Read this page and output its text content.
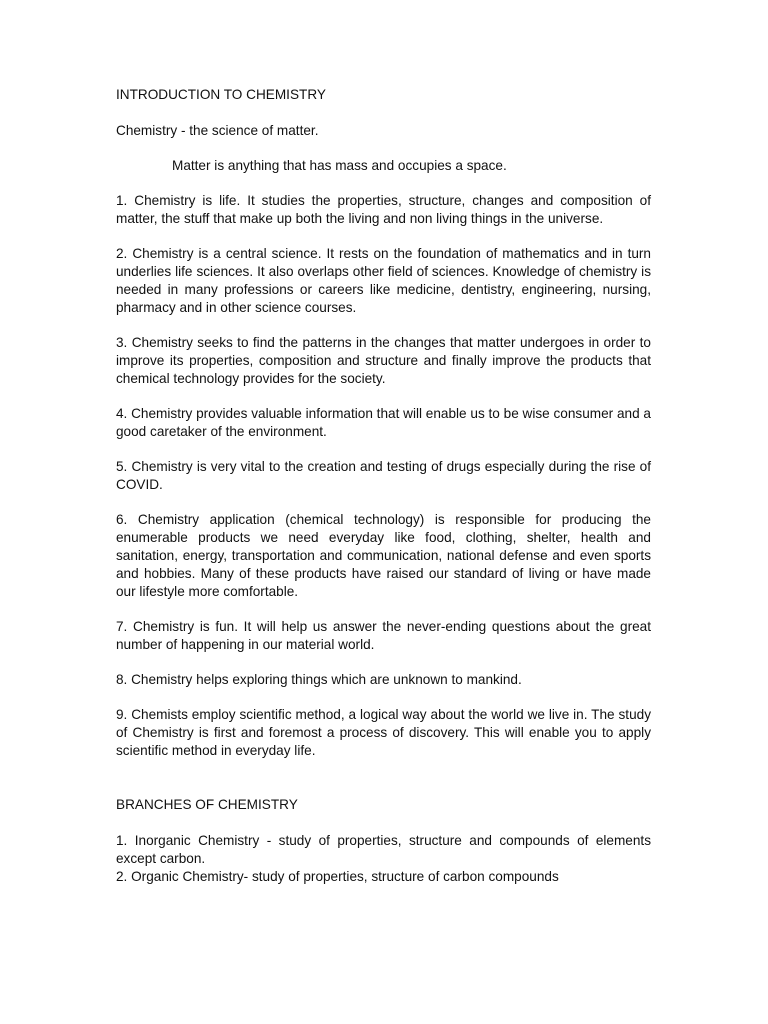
INTRODUCTION TO CHEMISTRY
Chemistry - the science of matter.
Matter is anything that has mass and occupies a space.
1. Chemistry is life. It studies the properties, structure, changes and composition of matter, the stuff that make up both the living and non living things in the universe.
2. Chemistry is a central science. It rests on the foundation of mathematics and in turn underlies life sciences. It also overlaps other field of sciences. Knowledge of chemistry is needed in many professions or careers like medicine, dentistry, engineering, nursing, pharmacy and in other science courses.
3. Chemistry seeks to find the patterns in the changes that matter undergoes in order to improve its properties, composition and structure and finally improve the products that chemical technology provides for the society.
4. Chemistry provides valuable information that will enable us to be wise consumer and a good caretaker of the environment.
5. Chemistry is very vital to the creation and testing of drugs especially during the rise of COVID.
6. Chemistry application (chemical technology) is responsible for producing the enumerable products we need everyday like food, clothing, shelter, health and sanitation, energy, transportation and communication, national defense and even sports and hobbies. Many of these products have raised our standard of living or have made our lifestyle more comfortable.
7. Chemistry is fun. It will help us answer the never-ending questions about the great number of happening in our material world.
8. Chemistry helps exploring things which are unknown to mankind.
9. Chemists employ scientific method, a logical way about the world we live in. The study of Chemistry is first and foremost a process of discovery. This will enable you to apply scientific method in everyday life.
BRANCHES OF CHEMISTRY
1. Inorganic Chemistry - study of properties, structure and compounds of elements except carbon.
2. Organic Chemistry- study of properties, structure of carbon compounds
